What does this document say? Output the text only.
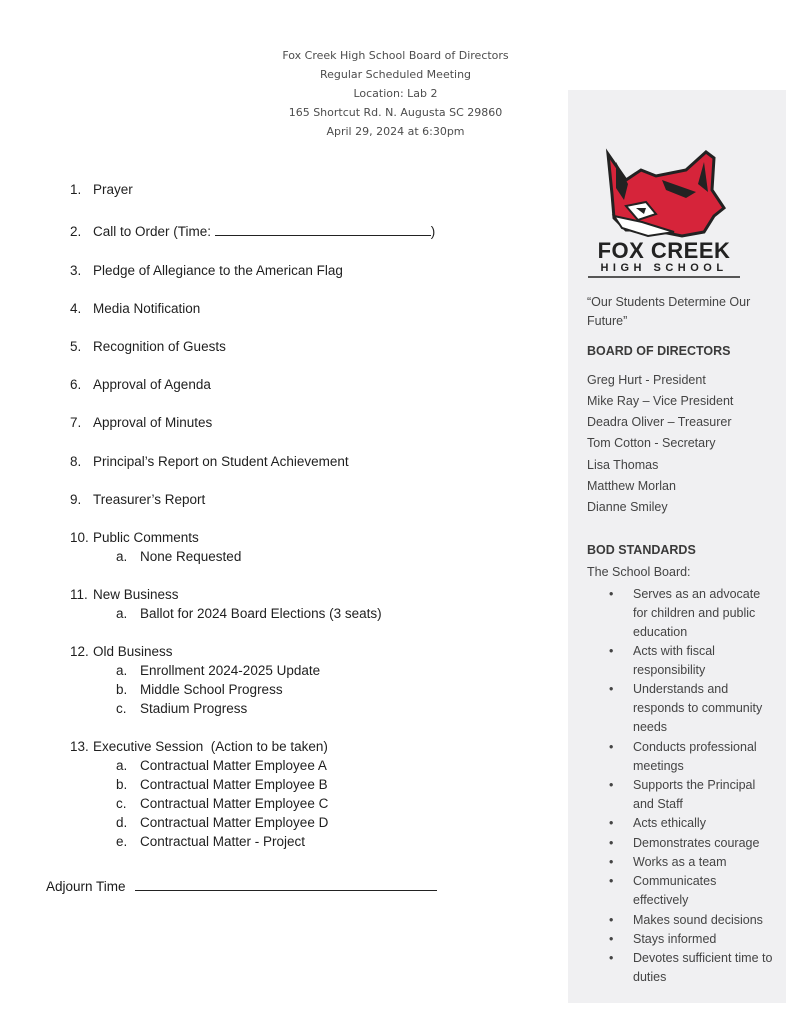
Fox Creek High School Board of Directors
Regular Scheduled Meeting
Location: Lab 2
165 Shortcut Rd. N. Augusta SC 29860
April 29, 2024 at 6:30pm
1. Prayer
2. Call to Order (Time:	)
3. Pledge of Allegiance to the American Flag
4. Media Notification
5. Recognition of Guests
6. Approval of Agenda
7. Approval of Minutes
8. Principal’s Report on Student Achievement
9. Treasurer’s Report
10. Public Comments
a. None Requested
11. New Business
a. Ballot for 2024 Board Elections (3 seats)
12. Old Business
a. Enrollment 2024-2025 Update
b. Middle School Progress
c. Stadium Progress
13. Executive Session  (Action to be taken)
a. Contractual Matter Employee A
b. Contractual Matter Employee B
c. Contractual Matter Employee C
d. Contractual Matter Employee D
e. Contractual Matter - Project
Adjourn Time
FOX CREEK
HIGH SCHOOL
“Our Students Determine Our Future”
BOARD OF DIRECTORS
Greg Hurt - President
Mike Ray – Vice President
Deadra Oliver – Treasurer
Tom Cotton - Secretary
Lisa Thomas
Matthew Morlan
Dianne Smiley
BOD STANDARDS
The School Board:
• Serves as an advocate for children and public education
• Acts with fiscal responsibility
• Understands and responds to community needs
• Conducts professional meetings
• Supports the Principal and Staff
• Acts ethically
• Demonstrates courage
• Works as a team
• Communicates effectively
• Makes sound decisions
• Stays informed
• Devotes sufficient time to duties
